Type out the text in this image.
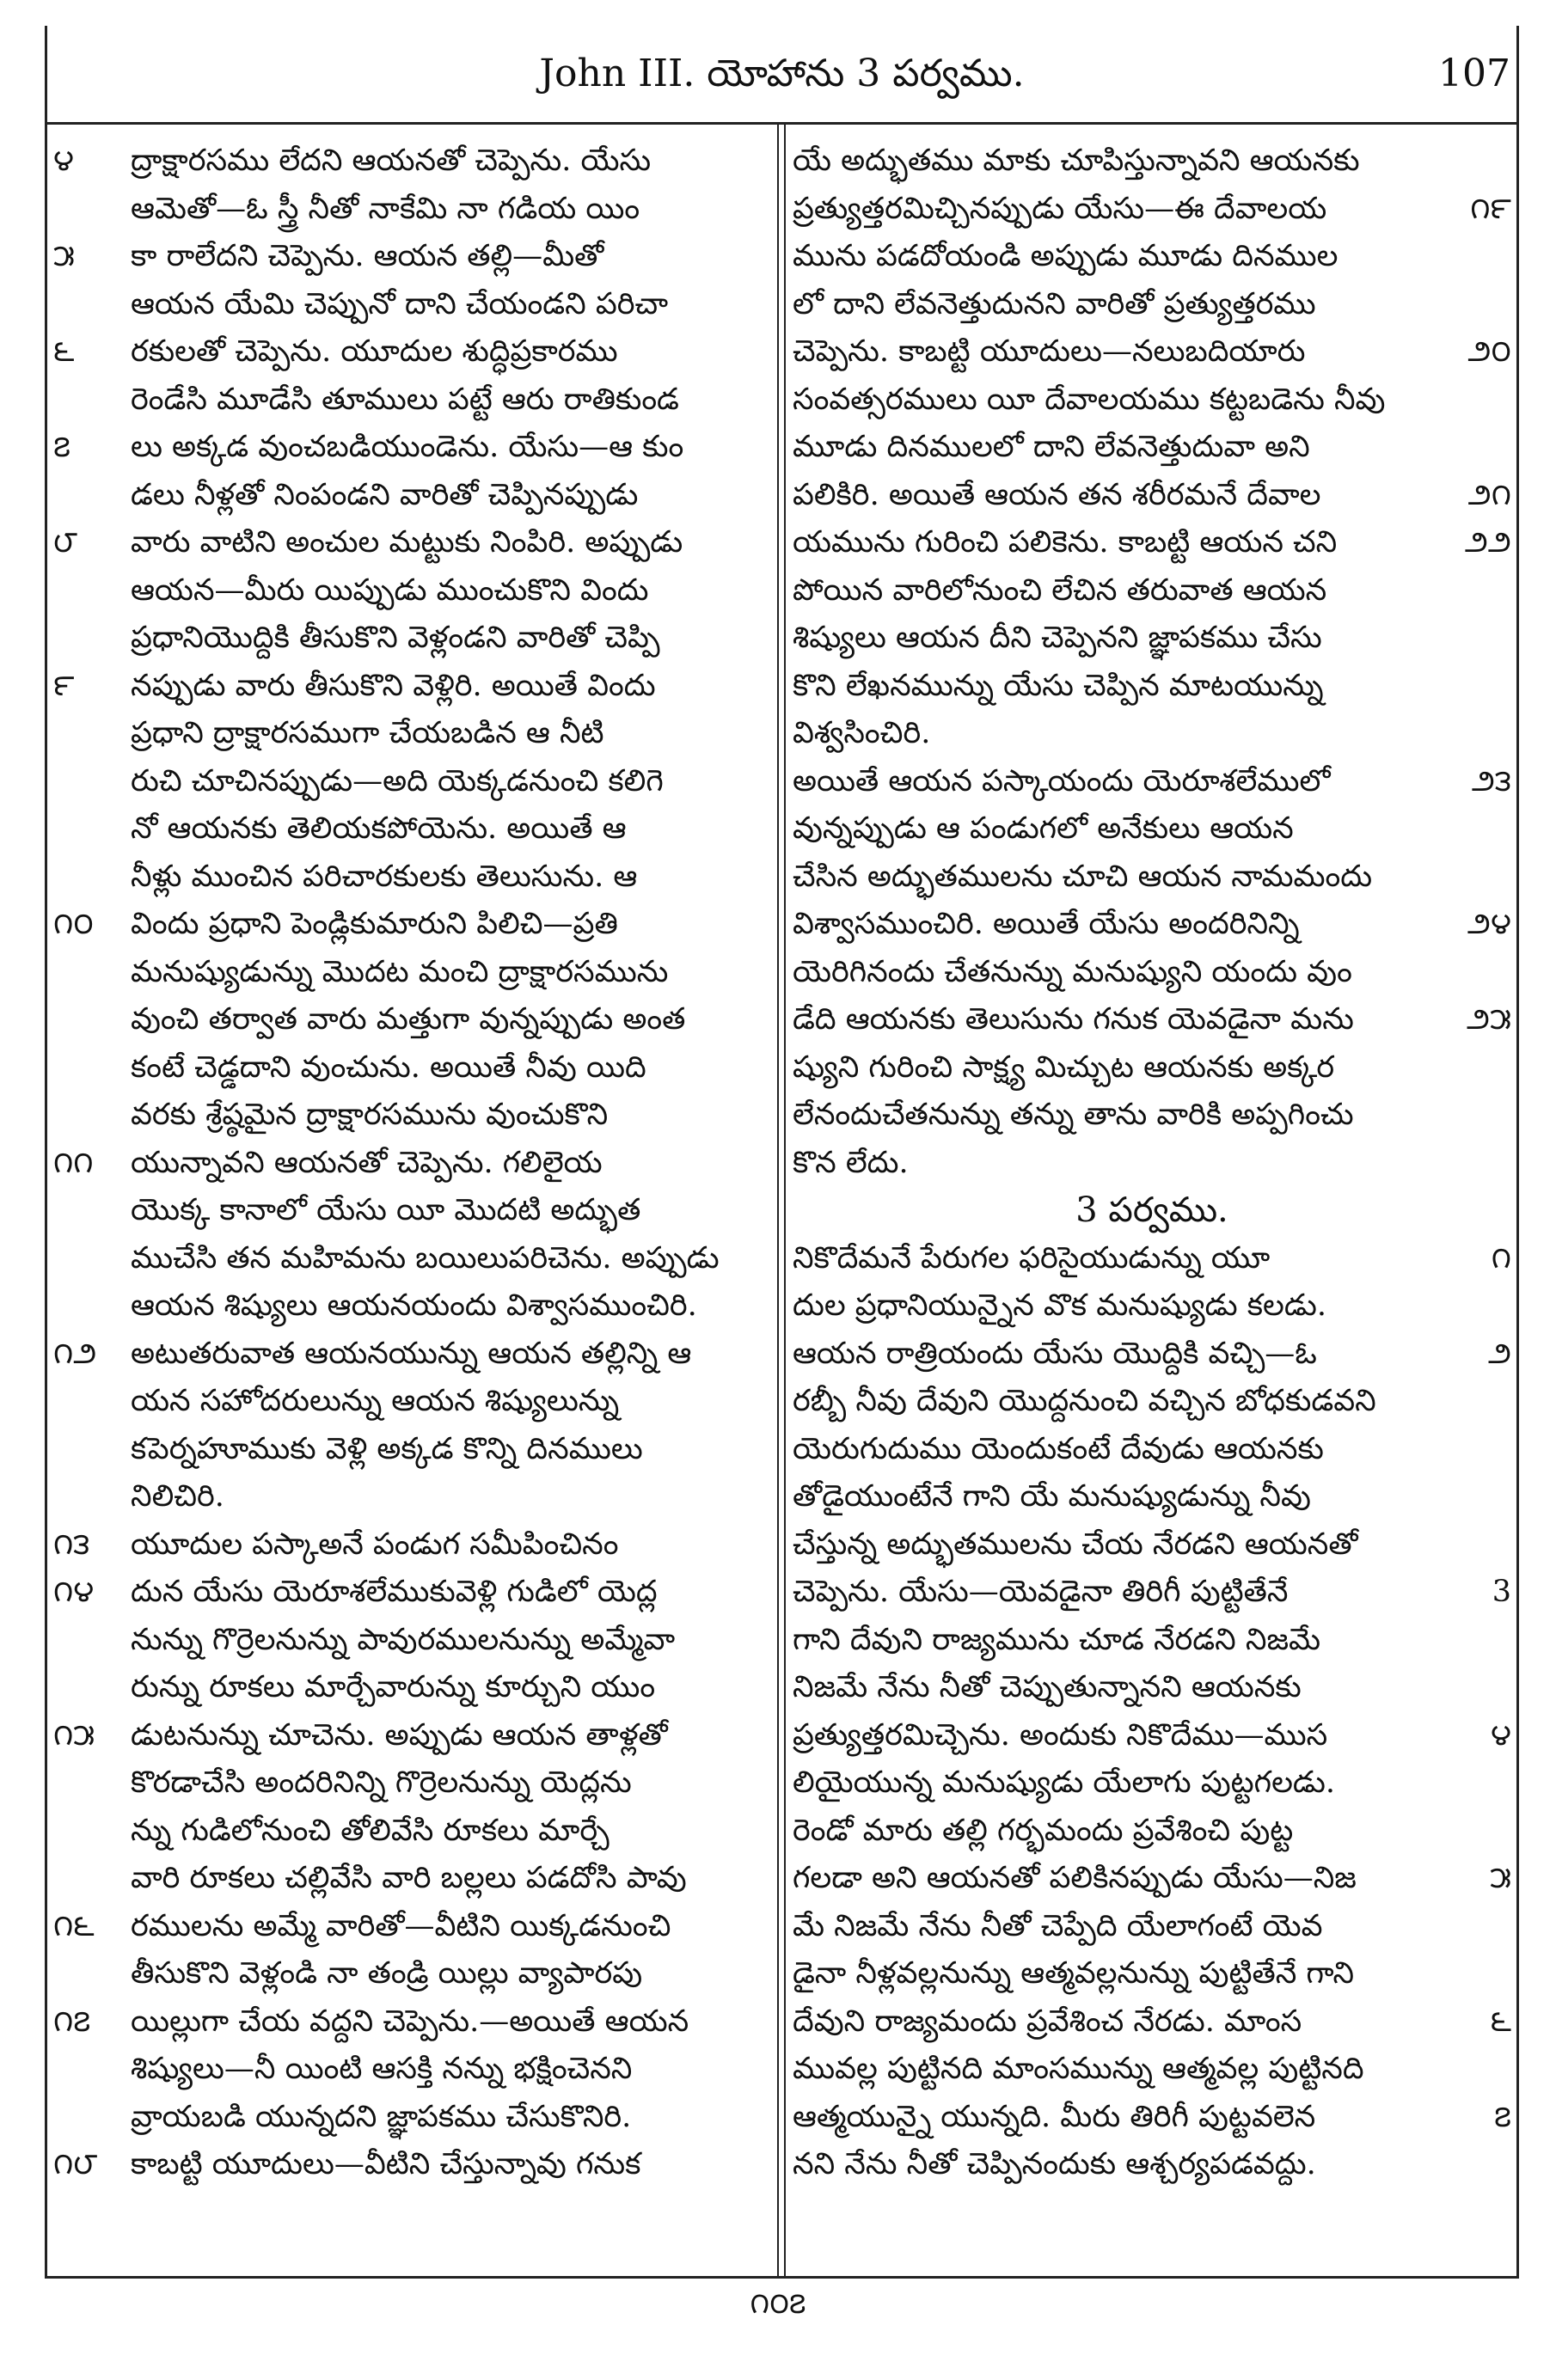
John III. యోహాను 3 పర్వము.	107
౪	ద్రాక్షారసము లేదని ఆయనతో చెప్పెను. యేసు
ఆమెతో—ఓ స్త్రీ నీతో నాకేమి నా గడియ యిం
౫	కా రాలేదని చెప్పెను. ఆయన తల్లి—మీతో
ఆయన యేమి చెప్పునో దాని చేయండని పరిచా
౬	రకులతో చెప్పెను. యూదుల శుద్ధిప్రకారము
రెండేసి మూడేసి తూములు పట్టే ఆరు రాతికుండ
౭	లు అక్కడ వుంచబడియుండెను. యేసు—ఆ కుం
డలు నీళ్లతో నింపండని వారితో చెప్పినప్పుడు
౮	వారు వాటిని అంచుల మట్టుకు నింపిరి. అప్పుడు
ఆయన—మీరు యిప్పుడు ముంచుకొని విందు
ప్రధానియొద్దికి తీసుకొని వెళ్లండని వారితో చెప్పి
౯	నప్పుడు వారు తీసుకొని వెళ్లిరి. అయితే విందు
ప్రధాని ద్రాక్షారసముగా చేయబడిన ఆ నీటి
రుచి చూచినప్పుడు—అది యెక్కడనుంచి కలిగె
నో ఆయనకు తెలియకపోయెను. అయితే ఆ
నీళ్లు ముంచిన పరిచారకులకు తెలుసును. ఆ
౧౦	విందు ప్రధాని పెండ్లికుమారుని పిలిచి—ప్రతి
మనుష్యుడున్ను మొదట మంచి ద్రాక్షారసమును
వుంచి తర్వాత వారు మత్తుగా వున్నప్పుడు అంత
కంటే చెడ్డదాని వుంచును. అయితే నీవు యిది
వరకు శ్రేష్ఠమైన ద్రాక్షారసమును వుంచుకొని
౧౧	యున్నావని ఆయనతో చెప్పెను. గలిలైయ
యొక్క కానాలో యేసు యీ మొదటి అద్భుత
ముచేసి తన మహిమను బయిలుపరిచెను. అప్పుడు
ఆయన శిష్యులు ఆయనయందు విశ్వాసముంచిరి.
౧౨	అటుతరువాత ఆయనయున్ను ఆయన తల్లిన్ని ఆ
యన సహోదరులున్ను ఆయన శిష్యులున్ను
కపెర్నహూముకు వెళ్లి అక్కడ కొన్ని దినములు
నిలిచిరి.
౧౩	యూదుల పస్కాఅనే పండుగ సమీపించినం
౧౪	దున యేసు యెరూశలేముకువెళ్లి గుడిలో యెద్ల
నున్ను గొర్రెలనున్ను పావురములనున్ను అమ్మేవా
రున్ను రూకలు మార్చేవారున్ను కూర్చుని యుం
౧౫	డుటనున్ను చూచెను. అప్పుడు ఆయన తాళ్లతో
కొరడాచేసి అందరినిన్ని గొర్రెలనున్ను యెద్లను
న్ను గుడిలోనుంచి తోలివేసి రూకలు మార్చే
వారి రూకలు చల్లివేసి వారి బల్లలు పడదోసి పావు
౧౬	రములను అమ్మే వారితో—వీటిని యిక్కడనుంచి
తీసుకొని వెళ్లండి నా తండ్రి యిల్లు వ్యాపారపు
౧౭	యిల్లుగా చేయ వద్దని చెప్పెను.—అయితే ఆయన
శిష్యులు—నీ యింటి ఆసక్తి నన్ను భక్షించెనని
వ్రాయబడి యున్నదని జ్ఞాపకము చేసుకొనిరి.
౧౮	కాబట్టి యూదులు—వీటిని చేస్తున్నావు గనుక
యే అద్భుతము మాకు చూపిస్తున్నావని ఆయనకు
౧౯
ప్రత్యుత్తరమిచ్చినప్పుడు యేసు—ఈ దేవాలయ
మును పడదోయండి అప్పుడు మూడు దినముల
లో దాని లేవనెత్తుదునని వారితో ప్రత్యుత్తరము
౨౦
చెప్పెను. కాబట్టి యూదులు—నలుబదియారు
సంవత్సరములు యీ దేవాలయము కట్టబడెను నీవు
మూడు దినములలో దాని లేవనెత్తుదువా అని
౨౧
పలికిరి. అయితే ఆయన తన శరీరమనే దేవాల
౨౨
యమును గురించి పలికెను. కాబట్టి ఆయన చని
పోయిన వారిలోనుంచి లేచిన తరువాత ఆయన
శిష్యులు ఆయన దీని చెప్పెనని జ్ఞాపకము చేసు
కొని లేఖనమున్ను యేసు చెప్పిన మాటయున్ను
విశ్వసించిరి.
౨౩
అయితే ఆయన పస్కాయందు యెరూశలేములో
వున్నప్పుడు ఆ పండుగలో అనేకులు ఆయన
చేసిన అద్భుతములను చూచి ఆయన నామమందు
౨౪
విశ్వాసముంచిరి. అయితే యేసు అందరినిన్ని
యెరిగినందు చేతనున్ను మనుష్యుని యందు వుం
౨౫
డేది ఆయనకు తెలుసును గనుక యెవడైనా మను
ష్యుని గురించి సాక్ష్య మిచ్చుట ఆయనకు అక్కర
లేనందుచేతనున్ను తన్ను తాను వారికి అప్పగించు
కొన లేదు.
3 పర్వము.
౧
నికొదేమనే పేరుగల ఫరిసైయుడున్ను యూ
దుల ప్రధానియున్నైన వొక మనుష్యుడు కలడు.
౨
ఆయన రాత్రియందు యేసు యొద్దికి వచ్చి—ఓ
రబ్బీ నీవు దేవుని యొద్దనుంచి వచ్చిన బోధకుడవని
యెరుగుదుము యెందుకంటే దేవుడు ఆయనకు
తోడైయుంటేనే గాని యే మనుష్యుడున్ను నీవు
చేస్తున్న అద్భుతములను చేయ నేరడని ఆయనతో
3
చెప్పెను. యేసు—యెవడైనా తిరిగీ పుట్టితేనే
గాని దేవుని రాజ్యమును చూడ నేరడని నిజమే
నిజమే నేను నీతో చెప్పుతున్నానని ఆయనకు
౪
ప్రత్యుత్తరమిచ్చెను. అందుకు నికొదేము—ముస
లియైయున్న మనుష్యుడు యేలాగు పుట్టగలడు.
రెండో మారు తల్లి గర్భమందు ప్రవేశించి పుట్ట
౫
గలడా అని ఆయనతో పలికినప్పుడు యేసు—నిజ
మే నిజమే నేను నీతో చెప్పేది యేలాగంటే యెవ
డైనా నీళ్లవల్లనున్ను ఆత్మవల్లనున్ను పుట్టితేనే గాని
౬
దేవుని రాజ్యమందు ప్రవేశించ నేరడు. మాంస
మువల్ల పుట్టినది మాంసమున్ను ఆత్మవల్ల పుట్టినది
౭
ఆత్మయున్నై యున్నది. మీరు తిరిగీ పుట్టవలెన
నని నేను నీతో చెప్పినందుకు ఆశ్చర్యపడవద్దు.
౧౦౭
